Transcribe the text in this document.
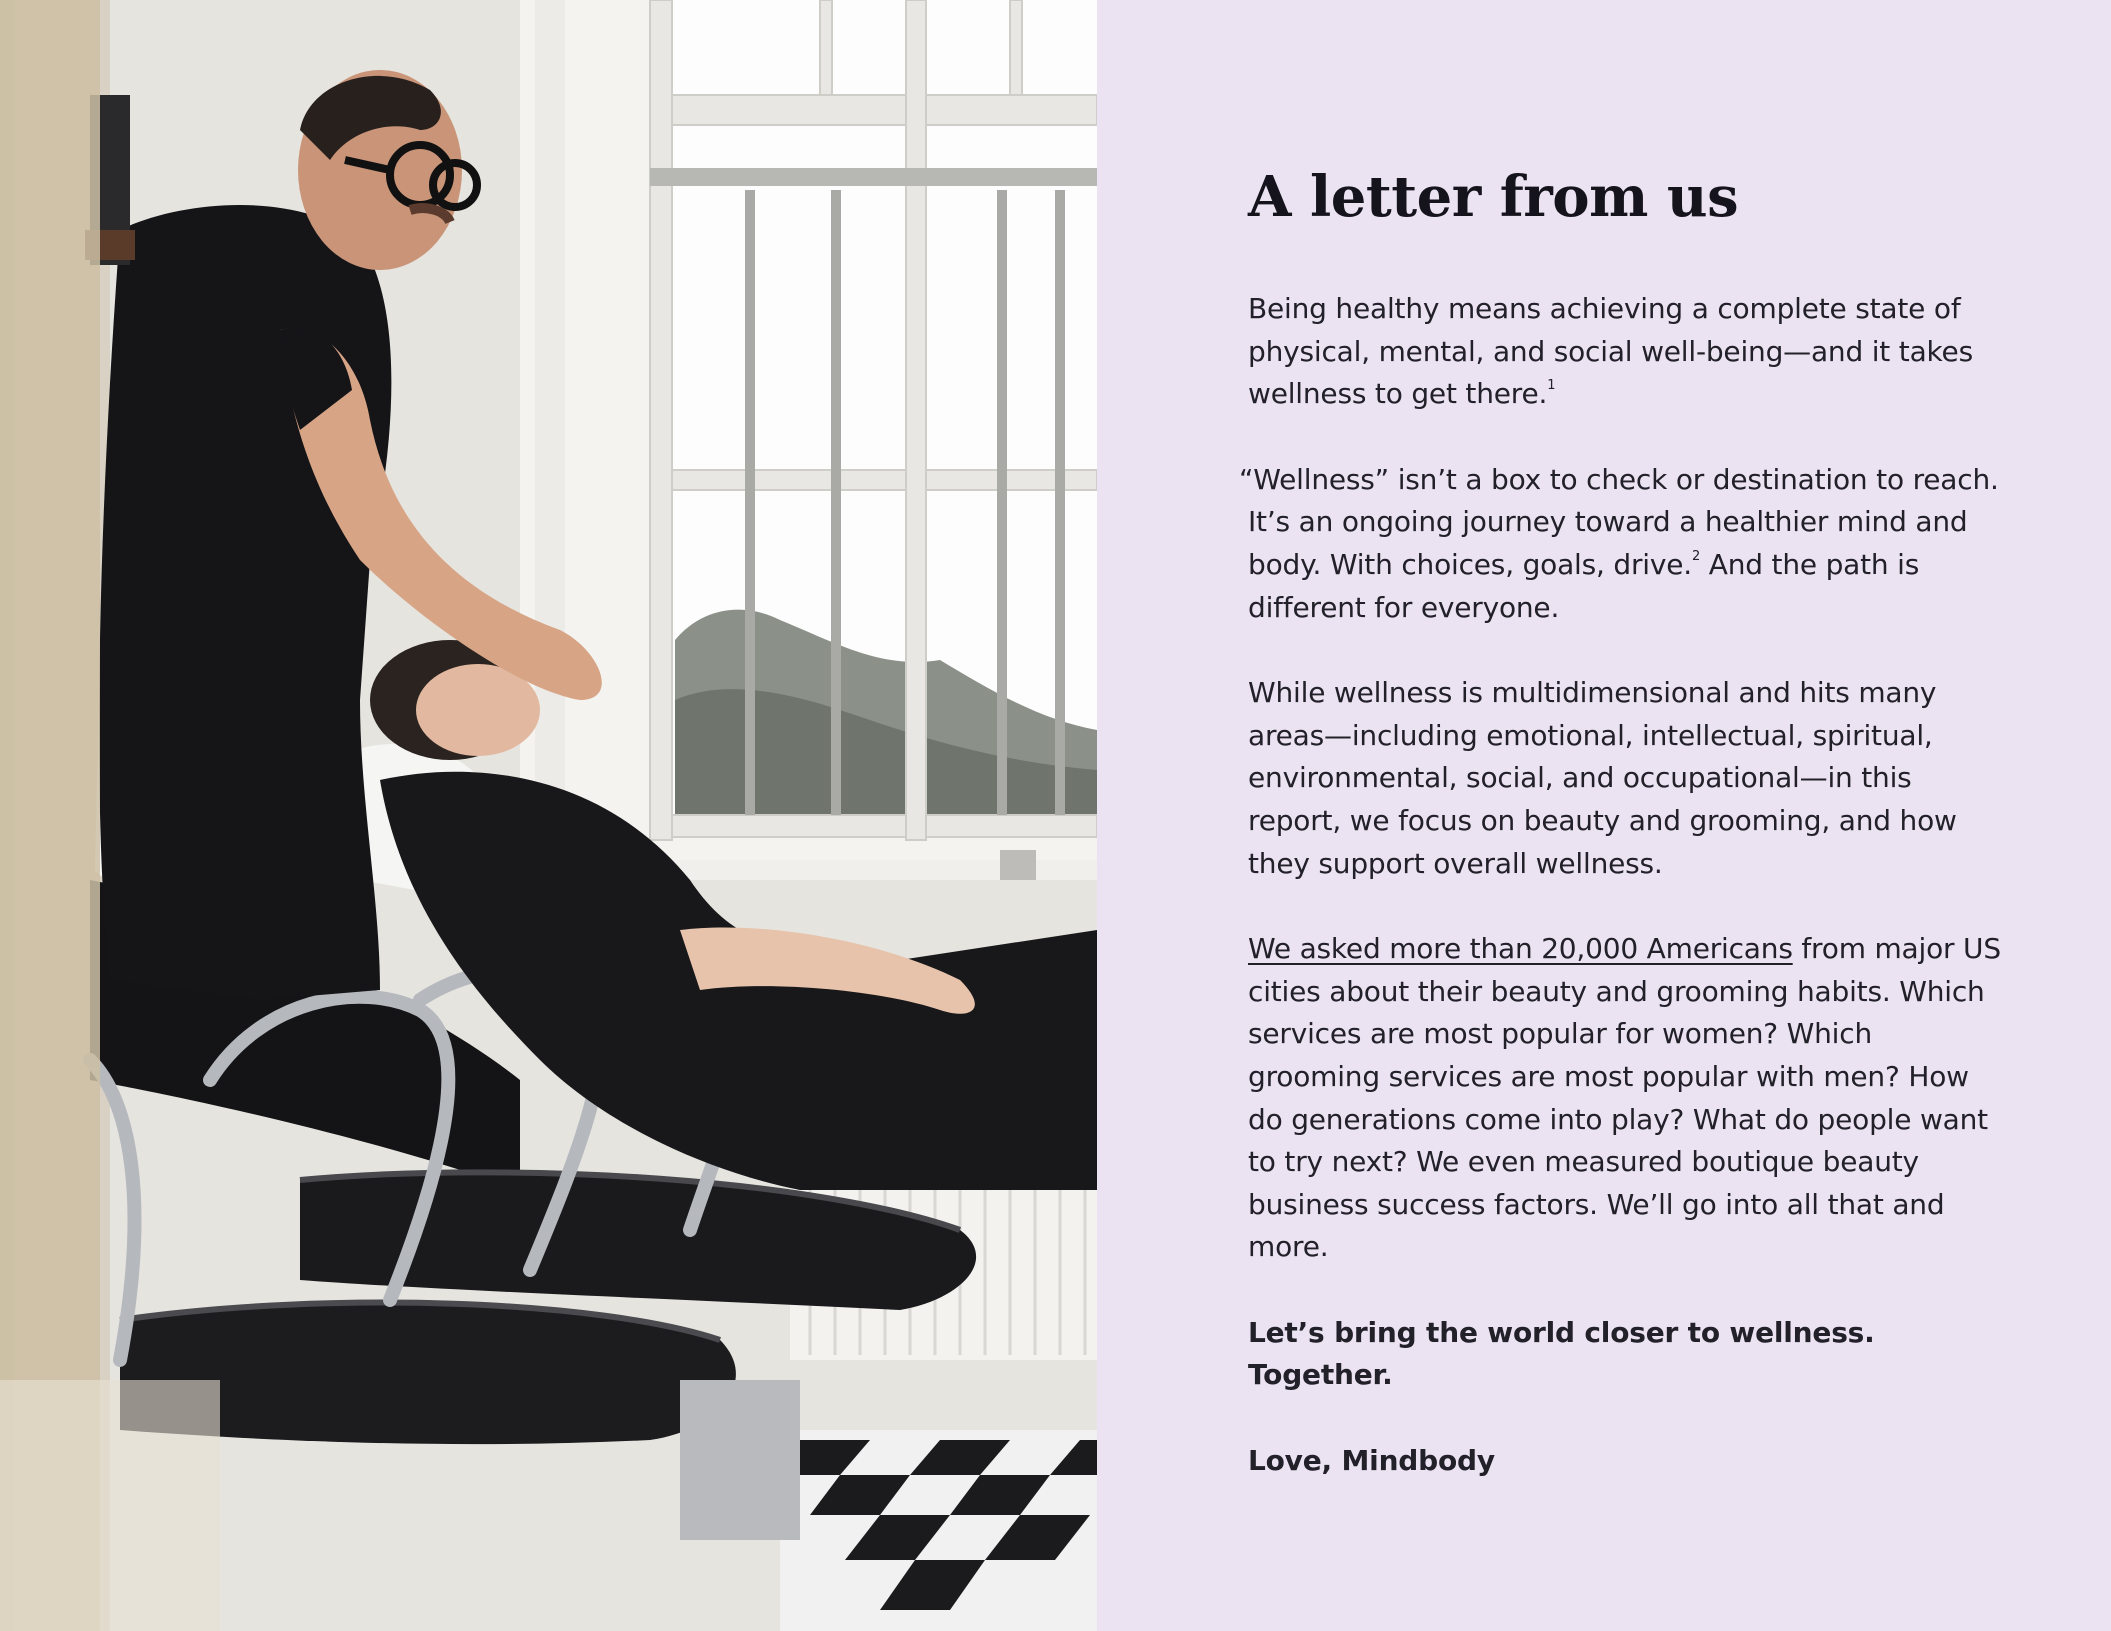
A letter from us

Being healthy means achieving a complete state of physical, mental, and social well-being—and it takes wellness to get there.$^1$

“Wellness” isn’t a box to check or destination to reach. It’s an ongoing journey toward a healthier mind and body. With choices, goals, drive.$^2$ And the path is different for everyone.

While wellness is multidimensional and hits many areas—including emotional, intellectual, spiritual, environmental, social, and occupational—in this report, we focus on beauty and grooming, and how they support overall wellness.

We asked more than 20,000 Americans from major US cities about their beauty and grooming habits. Which services are most popular for women? Which grooming services are most popular with men? How do generations come into play? What do people want to try next? We even measured boutique beauty business success factors. We’ll go into all that and more.

Let’s bring the world closer to wellness. Together.

Love, Mindbody
